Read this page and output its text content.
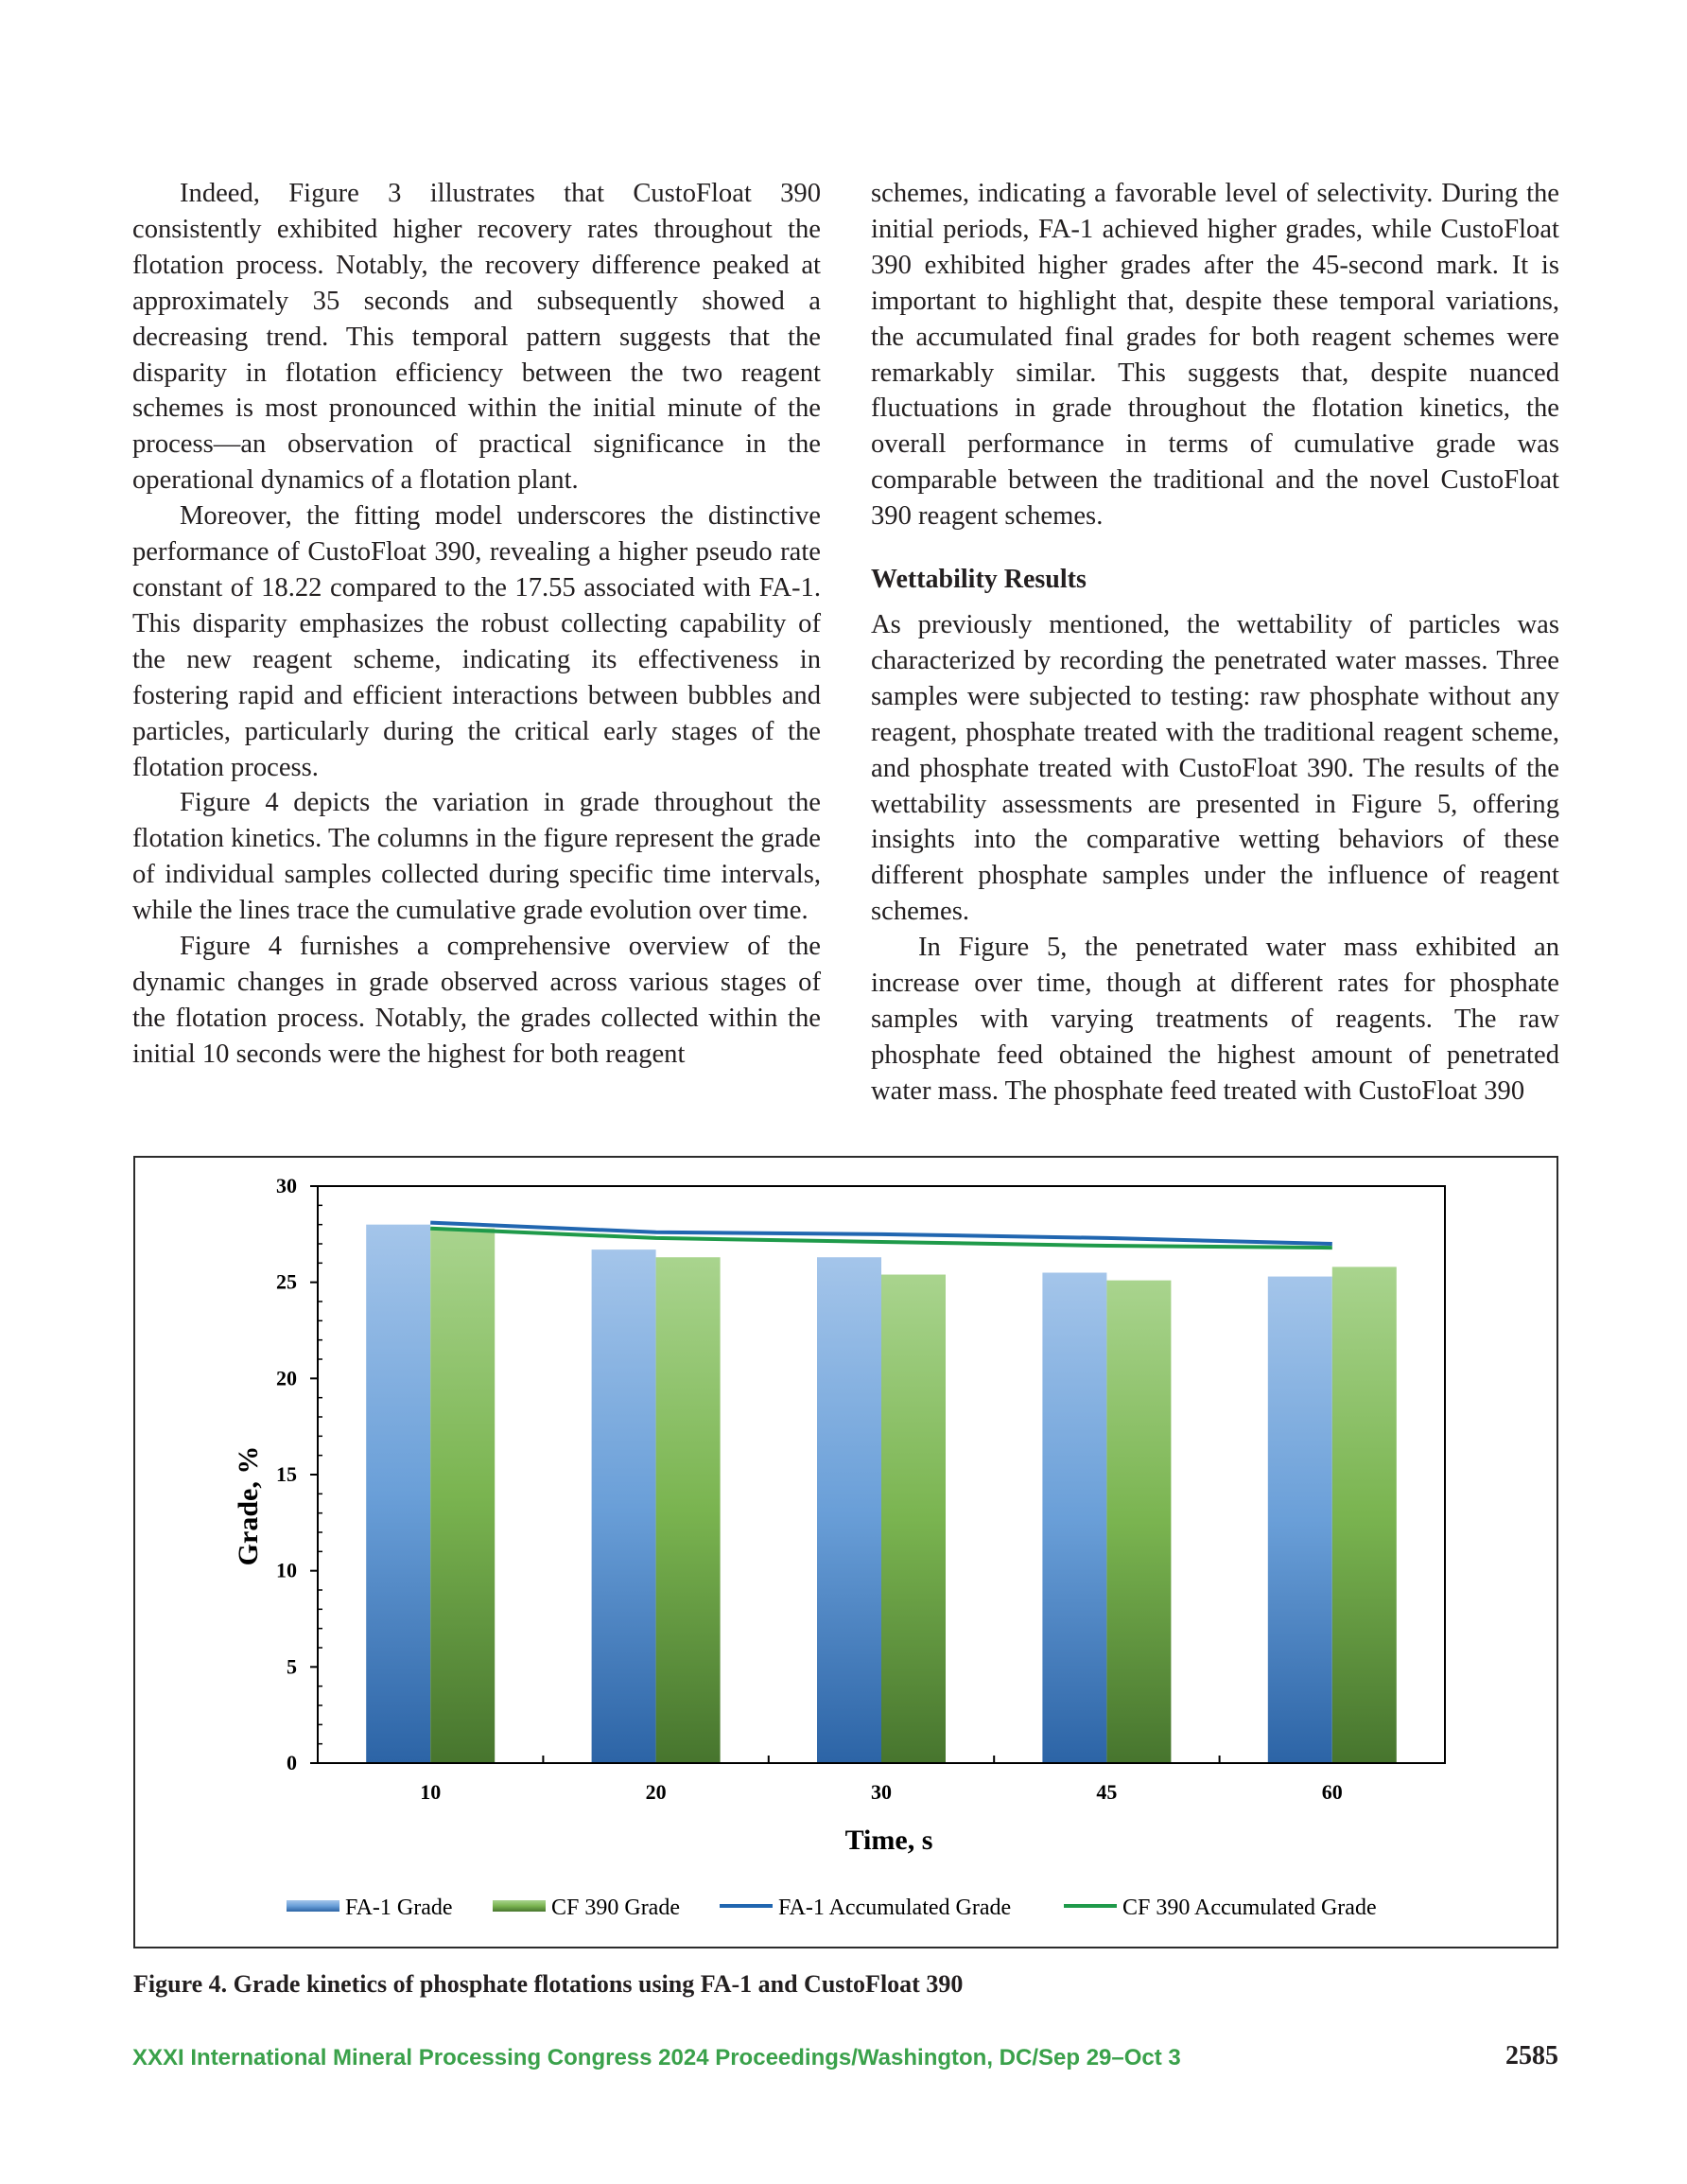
Indeed, Figure 3 illustrates that CustoFloat 390 consistently exhibited higher recovery rates throughout the flotation process. Notably, the recovery difference peaked at approximately 35 seconds and subsequently showed a decreasing trend. This temporal pattern suggests that the disparity in flotation efficiency between the two reagent schemes is most pronounced within the initial minute of the process—an observation of practical significance in the operational dynamics of a flotation plant.

Moreover, the fitting model underscores the distinctive performance of CustoFloat 390, revealing a higher pseudo rate constant of 18.22 compared to the 17.55 associated with FA-1. This disparity emphasizes the robust collecting capability of the new reagent scheme, indicating its effectiveness in fostering rapid and efficient interactions between bubbles and particles, particularly during the critical early stages of the flotation process.

Figure 4 depicts the variation in grade throughout the flotation kinetics. The columns in the figure represent the grade of individual samples collected during specific time intervals, while the lines trace the cumulative grade evolution over time.

Figure 4 furnishes a comprehensive overview of the dynamic changes in grade observed across various stages of the flotation process. Notably, the grades collected within the initial 10 seconds were the highest for both reagent

schemes, indicating a favorable level of selectivity. During the initial periods, FA-1 achieved higher grades, while CustoFloat 390 exhibited higher grades after the 45-second mark. It is important to highlight that, despite these temporal variations, the accumulated final grades for both reagent schemes were remarkably similar. This suggests that, despite nuanced fluctuations in grade throughout the flotation kinetics, the overall performance in terms of cumulative grade was comparable between the traditional and the novel CustoFloat 390 reagent schemes.

Wettability Results

As previously mentioned, the wettability of particles was characterized by recording the penetrated water masses. Three samples were subjected to testing: raw phosphate without any reagent, phosphate treated with the traditional reagent scheme, and phosphate treated with CustoFloat 390. The results of the wettability assessments are presented in Figure 5, offering insights into the comparative wetting behaviors of these different phosphate samples under the influence of reagent schemes.

In Figure 5, the penetrated water mass exhibited an increase over time, though at different rates for phosphate samples with varying treatments of reagents. The raw phosphate feed obtained the highest amount of penetrated water mass. The phosphate feed treated with CustoFloat 390

0
5
10
15
20
25
30
10	20	30	45	60
Time, s
Grade, %
FA-1 Grade	CF 390 Grade	FA-1 Accumulated Grade	CF 390 Accumulated Grade
Figure 4. Grade kinetics of phosphate flotations using FA-1 and CustoFloat 390
XXXI International Mineral Processing Congress 2024 Proceedings/Washington, DC/Sep 29–Oct 3	2585
